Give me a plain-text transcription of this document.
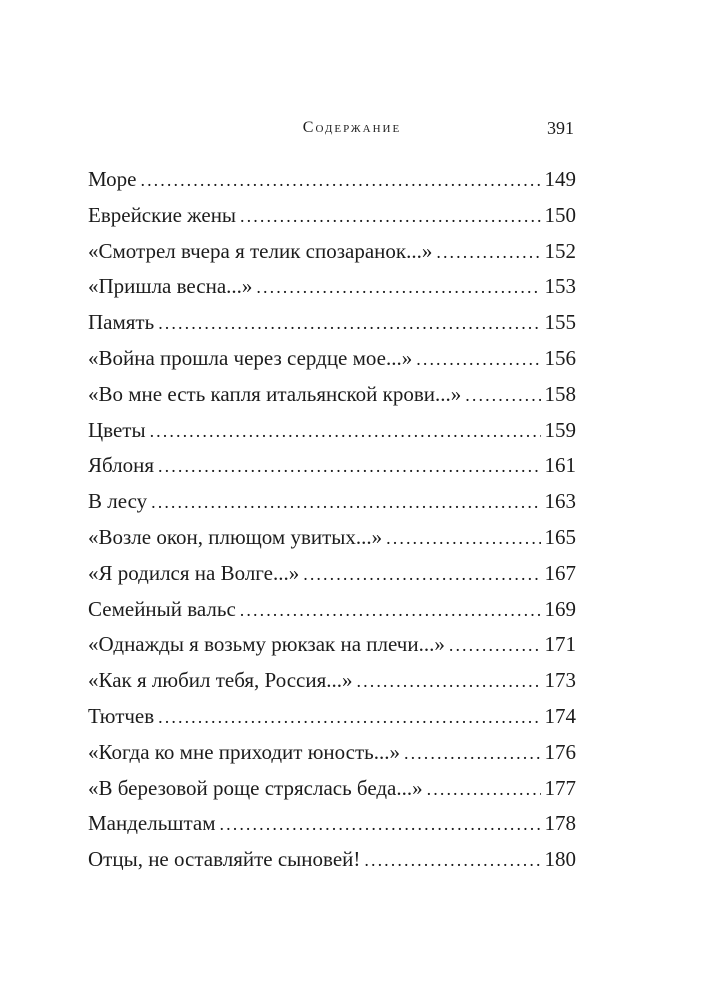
Содержание	391
Море . . .	149
Еврейские жены . . .	150
«Смотрел вчера я телик спозаранок...» . . .	152
«Пришла весна...» . . .	153
Память . . .	155
«Война прошла через сердце мое...» . . .	156
«Во мне есть капля итальянской крови...» . . .	158
Цветы . . .	159
Яблоня . . .	161
В лесу . . .	163
«Возле окон, плющом увитых...» . . .	165
«Я родился на Волге...» . . .	167
Семейный вальс . . .	169
«Однажды я возьму рюкзак на плечи...» . . .	171
«Как я любил тебя, Россия...» . . .	173
Тютчев . . .	174
«Когда ко мне приходит юность...» . . .	176
«В березовой роще стряслась беда...» . . .	177
Мандельштам . . .	178
Отцы, не оставляйте сыновей! . . .	180
